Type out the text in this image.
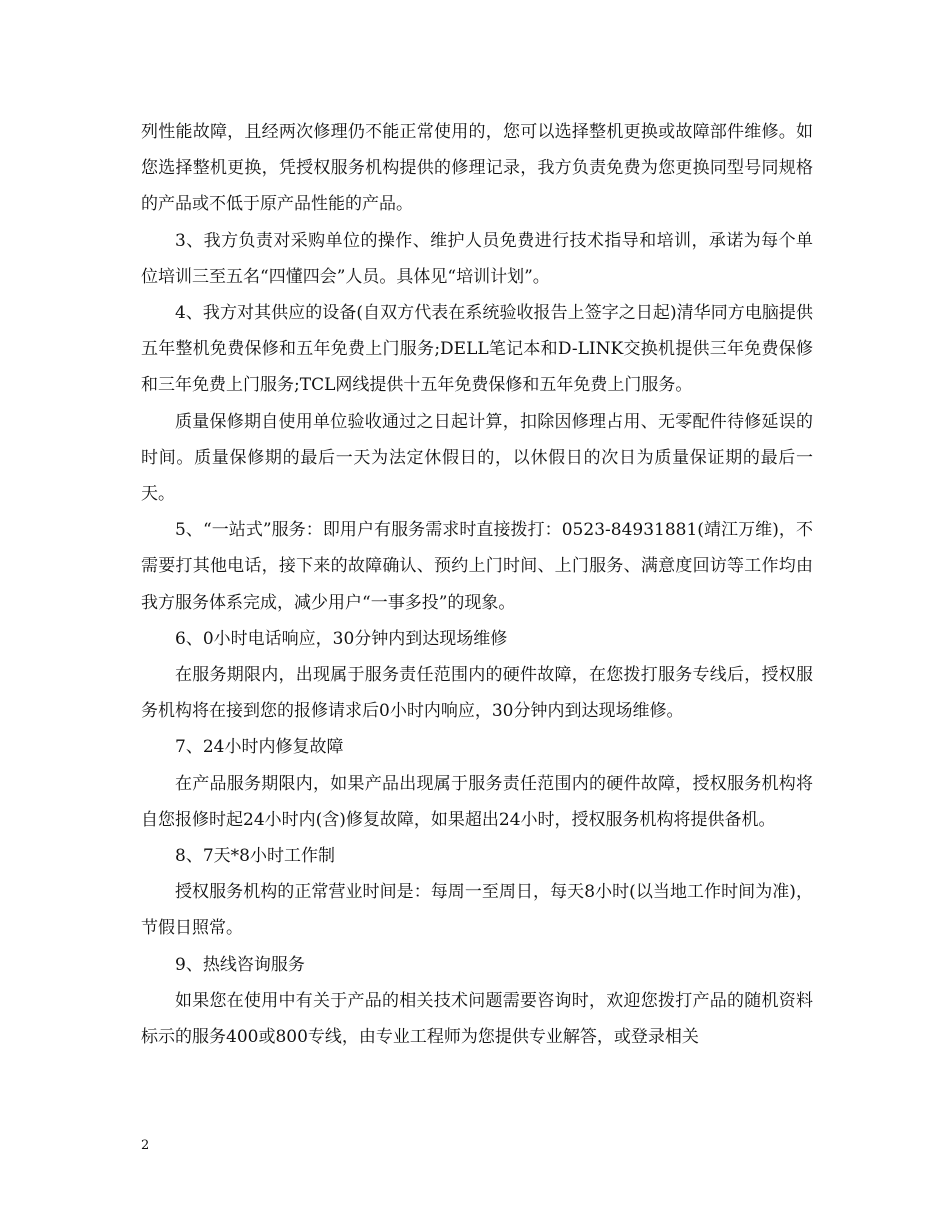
列性能故障，且经两次修理仍不能正常使用的，您可以选择整机更换或故障部件维修。如您选择整机更换，凭授权服务机构提供的修理记录，我方负责免费为您更换同型号同规格的产品或不低于原产品性能的产品。

3、我方负责对采购单位的操作、维护人员免费进行技术指导和培训，承诺为每个单位培训三至五名“四懂四会”人员。具体见“培训计划”。

4、我方对其供应的设备(自双方代表在系统验收报告上签字之日起)清华同方电脑提供五年整机免费保修和五年免费上门服务;DELL笔记本和D-LINK交换机提供三年免费保修和三年免费上门服务;TCL网线提供十五年免费保修和五年免费上门服务。

质量保修期自使用单位验收通过之日起计算，扣除因修理占用、无零配件待修延误的时间。质量保修期的最后一天为法定休假日的，以休假日的次日为质量保证期的最后一天。

5、“一站式”服务：即用户有服务需求时直接拨打：0523-84931881(靖江万维)，不需要打其他电话，接下来的故障确认、预约上门时间、上门服务、满意度回访等工作均由我方服务体系完成，减少用户“一事多投”的现象。

6、0小时电话响应，30分钟内到达现场维修

在服务期限内，出现属于服务责任范围内的硬件故障，在您拨打服务专线后，授权服务机构将在接到您的报修请求后0小时内响应，30分钟内到达现场维修。

7、24小时内修复故障

在产品服务期限内，如果产品出现属于服务责任范围内的硬件故障，授权服务机构将自您报修时起24小时内(含)修复故障，如果超出24小时，授权服务机构将提供备机。

8、7天*8小时工作制

授权服务机构的正常营业时间是：每周一至周日，每天8小时(以当地工作时间为准)，节假日照常。

9、热线咨询服务

如果您在使用中有关于产品的相关技术问题需要咨询时，欢迎您拨打产品的随机资料标示的服务400或800专线，由专业工程师为您提供专业解答，或登录相关

2
